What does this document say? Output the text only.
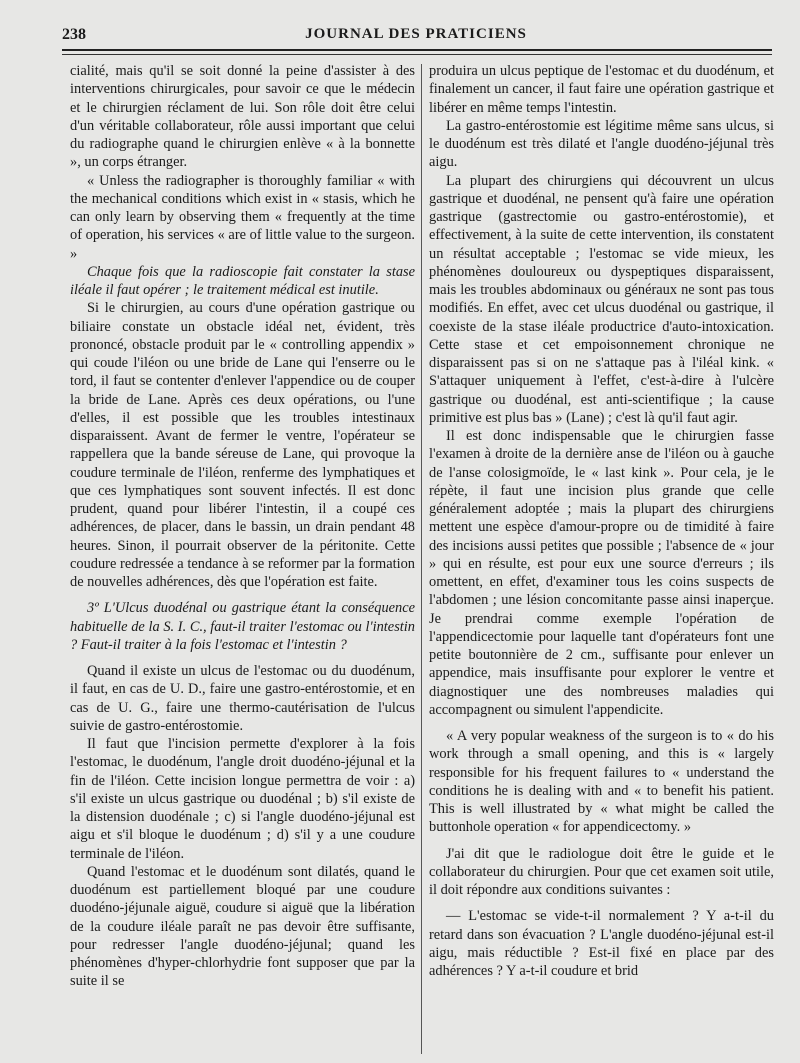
238	JOURNAL DES PRATICIENS

cialité, mais qu'il se soit donné la peine d'assister à des interventions chirurgicales, pour savoir ce que le médecin et le chirurgien réclament de lui. Son rôle doit être celui d'un véritable collaborateur, rôle aussi important que celui du radiographe quand le chirurgien enlève « à la bonnette », un corps étranger.

« Unless the radiographer is thoroughly familiar « with the mechanical conditions which exist in « stasis, which he can only learn by observing them « frequently at the time of operation, his services « are of little value to the surgeon. »

Chaque fois que la radioscopie fait constater la stase iléale il faut opérer ; le traitement médical est inutile.

Si le chirurgien, au cours d'une opération gastrique ou biliaire constate un obstacle idéal net, évident, très prononcé, obstacle produit par le « controlling appendix » qui coude l'iléon ou une bride de Lane qui l'enserre ou le tord, il faut se contenter d'enlever l'appendice ou de couper la bride de Lane. Après ces deux opérations, ou l'une d'elles, il est possible que les troubles intestinaux disparaissent. Avant de fermer le ventre, l'opérateur se rappellera que la bande séreuse de Lane, qui provoque la coudure terminale de l'iléon, renferme des lymphatiques et que ces lymphatiques sont souvent infectés. Il est donc prudent, quand pour libérer l'intestin, il a coupé ces adhérences, de placer, dans le bassin, un drain pendant 48 heures. Sinon, il pourrait observer de la péritonite. Cette coudure redressée a tendance à se reformer par la formation de nouvelles adhérences, dès que l'opération est faite.

3º L'Ulcus duodénal ou gastrique étant la conséquence habituelle de la S. I. C., faut-il traiter l'estomac ou l'intestin ? Faut-il traiter à la fois l'estomac et l'intestin ?

Quand il existe un ulcus de l'estomac ou du duodénum, il faut, en cas de U. D., faire une gastro-entérostomie, et en cas de U. G., faire une thermo-cautérisation de l'ulcus suivie de gastro-entérostomie.

Il faut que l'incision permette d'explorer à la fois l'estomac, le duodénum, l'angle droit duodéno-jéjunal et la fin de l'iléon. Cette incision longue permettra de voir : a) s'il existe un ulcus gastrique ou duodénal ; b) s'il existe de la distension duodénale ; c) si l'angle duodéno-jéjunal est aigu et s'il bloque le duodénum ; d) s'il y a une coudure terminale de l'iléon.

Quand l'estomac et le duodénum sont dilatés, quand le duodénum est partiellement bloqué par une coudure duodéno-jéjunale aiguë, coudure si aiguë que la libération de la coudure iléale paraît ne pas devoir être suffisante, pour redresser l'angle duodéno-jéjunal; quand les phénomènes d'hyper-chlorhydrie font supposer que par la suite il se

produira un ulcus peptique de l'estomac et du duodénum, et finalement un cancer, il faut faire une opération gastrique et libérer en même temps l'intestin.

La gastro-entérostomie est légitime même sans ulcus, si le duodénum est très dilaté et l'angle duodéno-jéjunal très aigu.

La plupart des chirurgiens qui découvrent un ulcus gastrique et duodénal, ne pensent qu'à faire une opération gastrique (gastrectomie ou gastro-entérostomie), et effectivement, à la suite de cette intervention, ils constatent un résultat acceptable ; l'estomac se vide mieux, les phénomènes douloureux ou dyspeptiques disparaissent, mais les troubles abdominaux ou généraux ne sont pas tous modifiés. En effet, avec cet ulcus duodénal ou gastrique, il coexiste de la stase iléale productrice d'auto-intoxication. Cette stase et cet empoisonnement chronique ne disparaissent pas si on ne s'attaque pas à l'iléal kink. « S'attaquer uniquement à l'effet, c'est-à-dire à l'ulcère gastrique ou duodénal, est anti-scientifique ; la cause primitive est plus bas » (Lane) ; c'est là qu'il faut agir.

Il est donc indispensable que le chirurgien fasse l'examen à droite de la dernière anse de l'iléon ou à gauche de l'anse colosigmoïde, le « last kink ». Pour cela, je le répète, il faut une incision plus grande que celle généralement adoptée ; mais la plupart des chirurgiens mettent une espèce d'amour-propre ou de timidité à faire des incisions aussi petites que possible ; l'absence de « jour » qui en résulte, est pour eux une source d'erreurs ; ils omettent, en effet, d'examiner tous les coins suspects de l'abdomen ; une lésion concomitante passe ainsi inaperçue. Je prendrai comme exemple l'opération de l'appendicectomie pour laquelle tant d'opérateurs font une petite boutonnière de 2 cm., suffisante pour enlever un appendice, mais insuffisante pour explorer le ventre et diagnostiquer une des nombreuses maladies qui accompagnent ou simulent l'appendicite.

« A very popular weakness of the surgeon is to « do his work through a small opening, and this is « largely responsible for his frequent failures to « understand the conditions he is dealing with and « to benefit his patient. This is well illustrated by « what might be called the buttonhole operation « for appendicectomy. »

J'ai dit que le radiologue doit être le guide et le collaborateur du chirurgien. Pour que cet examen soit utile, il doit répondre aux conditions suivantes :

— L'estomac se vide-t-il normalement ? Y a-t-il du retard dans son évacuation ? L'angle duodéno-jéjunal est-il aigu, mais réductible ? Est-il fixé en place par des adhérences ? Y a-t-il coudure et brid
